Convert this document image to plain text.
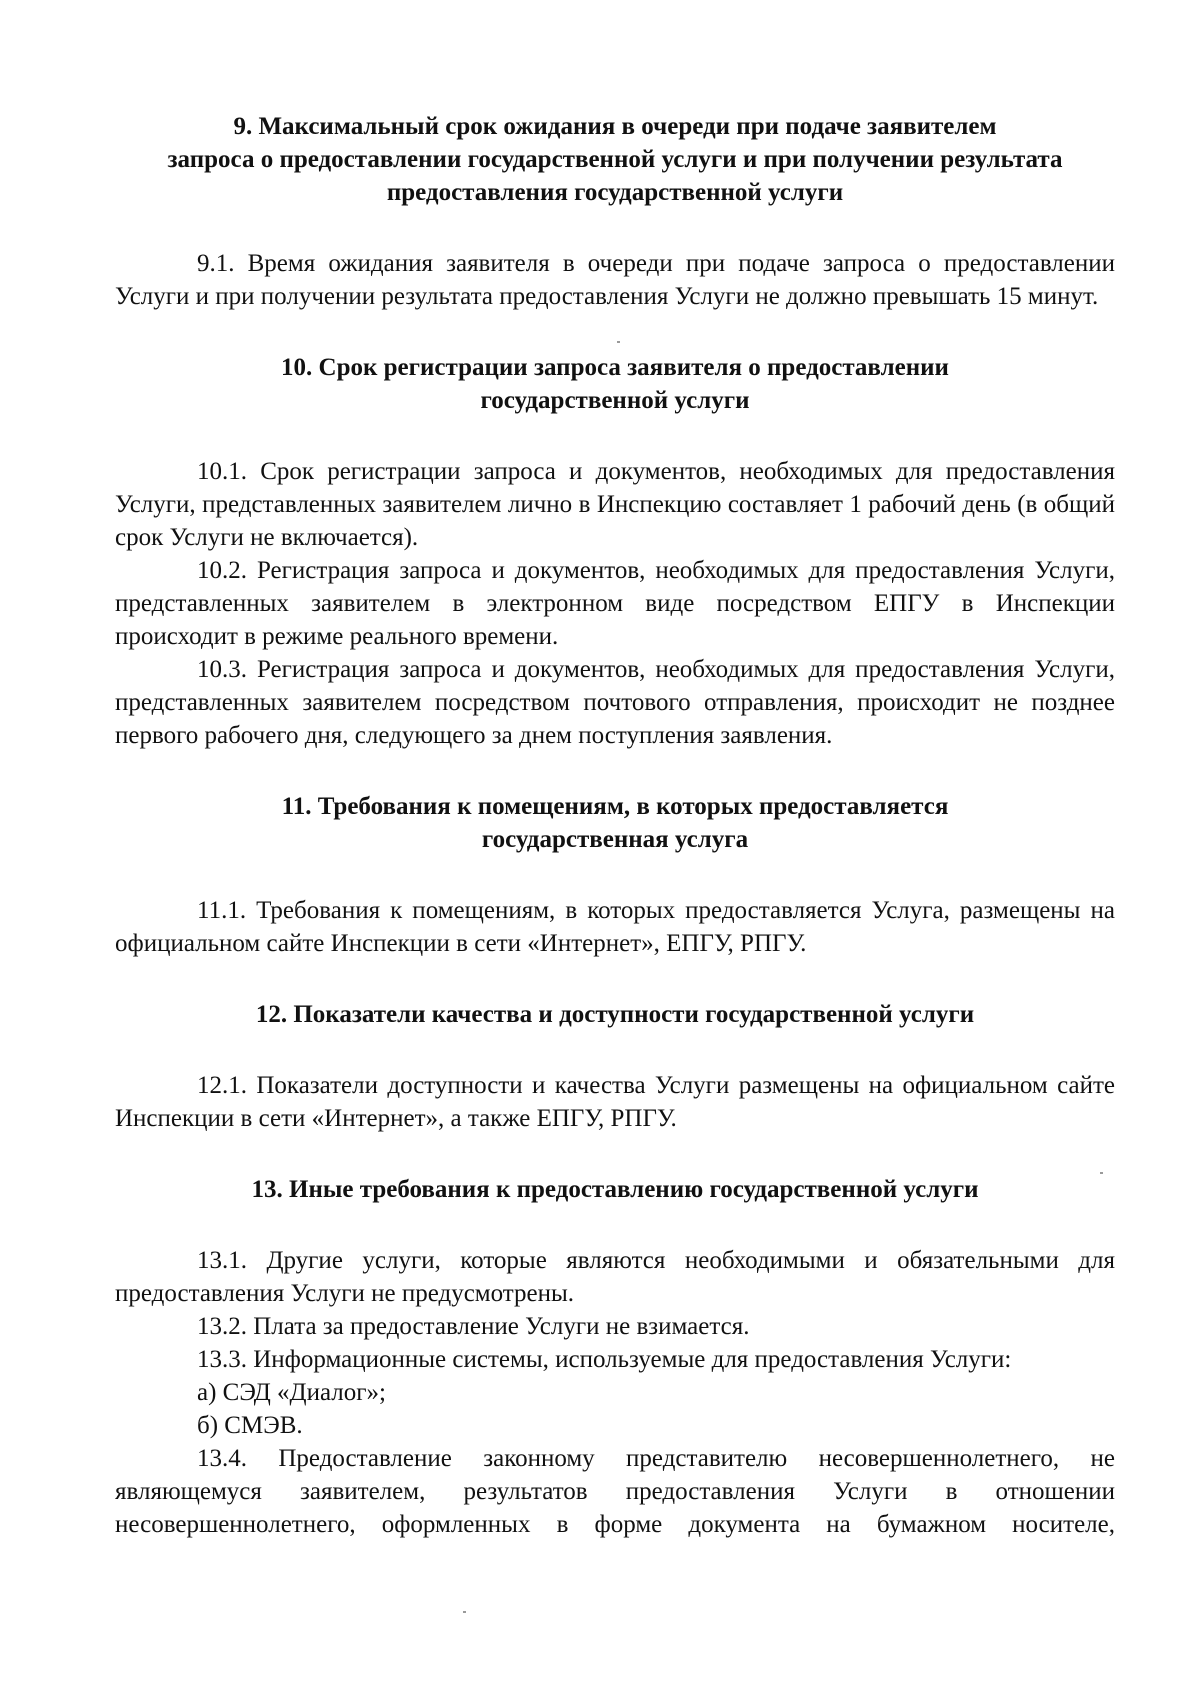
9. Максимальный срок ожидания в очереди при подаче заявителем
запроса о предоставлении государственной услуги и при получении результата
предоставления государственной услуги

9.1. Время ожидания заявителя в очереди при подаче запроса о предоставлении Услуги и при получении результата предоставления Услуги не должно превышать 15 минут.

10. Срок регистрации запроса заявителя о предоставлении
государственной услуги

10.1. Срок регистрации запроса и документов, необходимых для предоставления Услуги, представленных заявителем лично в Инспекцию составляет 1 рабочий день (в общий срок Услуги не включается).

10.2. Регистрация запроса и документов, необходимых для предоставления Услуги, представленных заявителем в электронном виде посредством ЕПГУ в Инспекции происходит в режиме реального времени.

10.3. Регистрация запроса и документов, необходимых для предоставления Услуги, представленных заявителем посредством почтового отправления, происходит не позднее первого рабочего дня, следующего за днем поступления заявления.

11. Требования к помещениям, в которых предоставляется
государственная услуга

11.1. Требования к помещениям, в которых предоставляется Услуга, размещены на официальном сайте Инспекции в сети «Интернет», ЕПГУ, РПГУ.

12. Показатели качества и доступности государственной услуги

12.1. Показатели доступности и качества Услуги размещены на официальном сайте Инспекции в сети «Интернет», а также ЕПГУ, РПГУ.

13. Иные требования к предоставлению государственной услуги

13.1. Другие услуги, которые являются необходимыми и обязательными для предоставления Услуги не предусмотрены.

13.2. Плата за предоставление Услуги не взимается.

13.3. Информационные системы, используемые для предоставления Услуги:

а) СЭД «Диалог»;

б) СМЭВ.

13.4. Предоставление законному представителю несовершеннолетнего, не являющемуся заявителем, результатов предоставления Услуги в отношении несовершеннолетнего, оформленных в форме документа на бумажном носителе,
